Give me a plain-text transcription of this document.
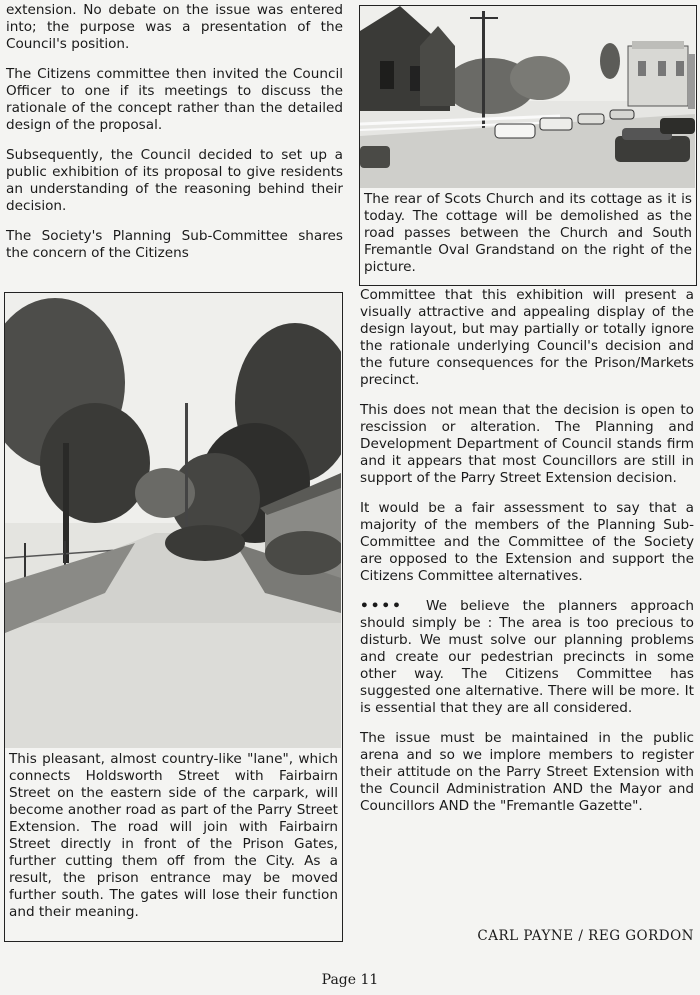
extension. No debate on the issue was entered into; the purpose was a presentation of the Council's position.

The Citizens committee then invited the Council Officer to one if its meetings to discuss the rationale of the concept rather than the detailed design of the proposal.

Subsequently, the Council decided to set up a public exhibition of its proposal to give residents an understanding of the reasoning behind their decision.

The Society's Planning Sub-Committee shares the concern of the Citizens

The rear of Scots Church and its cottage as it is today. The cottage will be demolished as the road passes between the Church and South Fremantle Oval Grandstand on the right of the picture.
This pleasant, almost country-like "lane", which connects Holdsworth Street with Fairbairn Street on the eastern side of the carpark, will become another road as part of the Parry Street Extension. The road will join with Fairbairn Street directly in front of the Prison Gates, further cutting them off from the City. As a result, the prison entrance may be moved further south. The gates will lose their function and their meaning.

Committee that this exhibition will present a visually attractive and appealing display of the design layout, but may partially or totally ignore the rationale underlying Council's decision and the future consequences for the Prison/Markets precinct.

This does not mean that the decision is open to rescission or alteration. The Planning and Development Department of Council stands firm and it appears that most Councillors are still in support of the Parry Street Extension decision.

It would be a fair assessment to say that a majority of the members of the Planning Sub-Committee and the Committee of the Society are opposed to the Extension and support the Citizens Committee alternatives.

•••• We believe the planners approach should simply be : The area is too precious to disturb. We must solve our planning problems and create our pedestrian precincts in some other way. The Citizens Committee has suggested one alternative. There will be more. It is essential that they are all considered.

The issue must be maintained in the public arena and so we implore members to register their attitude on the Parry Street Extension with the Council Administration AND the Mayor and Councillors AND the "Fremantle Gazette".

CARL PAYNE / REG GORDON
Page 11
